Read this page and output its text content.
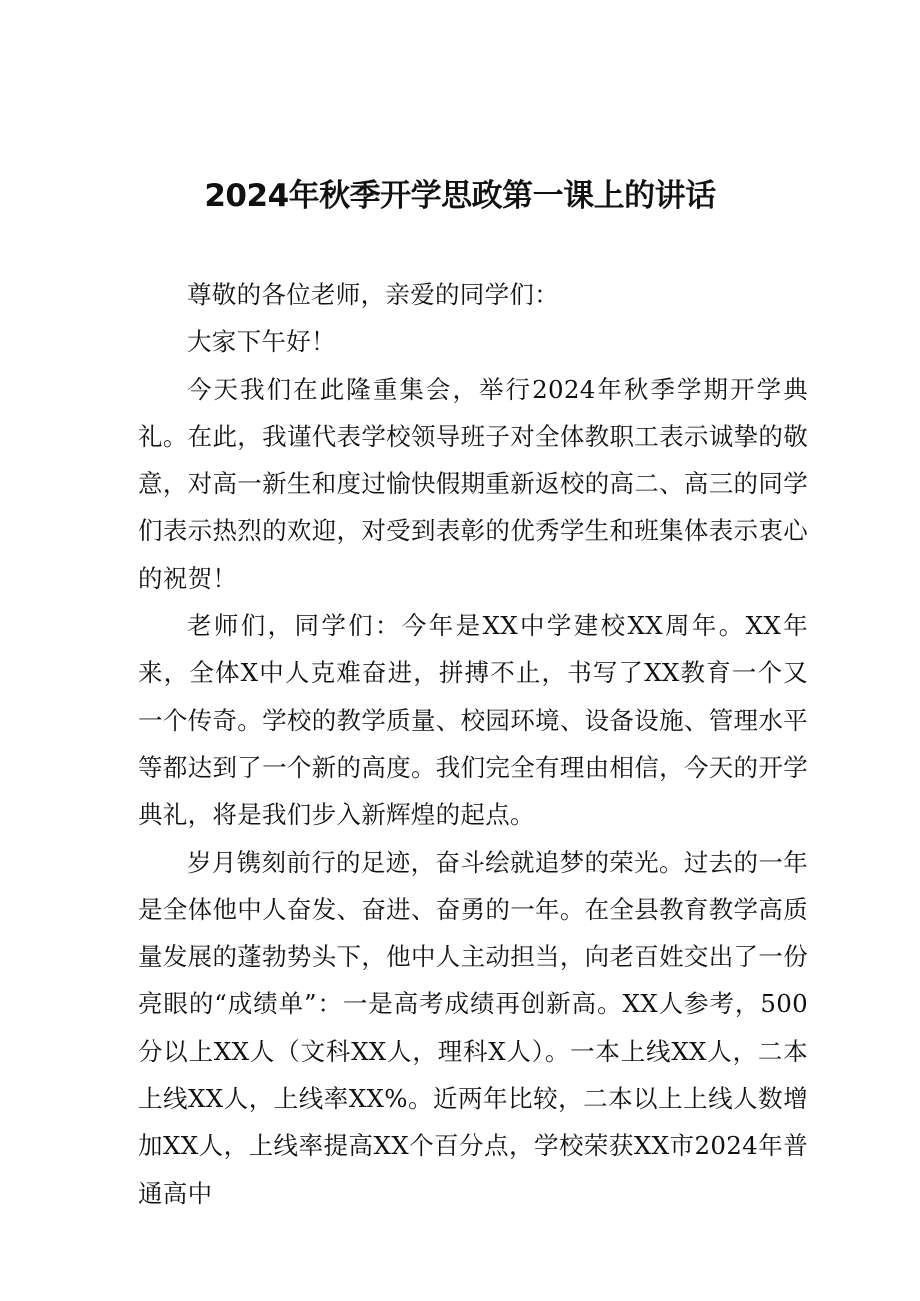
2024年秋季开学思政第一课上的讲话

尊敬的各位老师，亲爱的同学们：

大家下午好！

今天我们在此隆重集会，举行2024年秋季学期开学典礼。在此，我谨代表学校领导班子对全体教职工表示诚挚的敬意，对高一新生和度过愉快假期重新返校的高二、高三的同学们表示热烈的欢迎，对受到表彰的优秀学生和班集体表示衷心的祝贺！

老师们，同学们：今年是XX中学建校XX周年。XX年来，全体X中人克难奋进，拼搏不止，书写了XX教育一个又一个传奇。学校的教学质量、校园环境、设备设施、管理水平等都达到了一个新的高度。我们完全有理由相信，今天的开学典礼，将是我们步入新辉煌的起点。

岁月镌刻前行的足迹，奋斗绘就追梦的荣光。过去的一年是全体他中人奋发、奋进、奋勇的一年。在全县教育教学高质量发展的蓬勃势头下，他中人主动担当，向老百姓交出了一份亮眼的“成绩单”：一是高考成绩再创新高。XX人参考，500分以上XX人（文科XX人，理科X人）。一本上线XX人，二本上线XX人，上线率XX%。近两年比较，二本以上上线人数增加XX人，上线率提高XX个百分点，学校荣获XX市2024年普通高中
